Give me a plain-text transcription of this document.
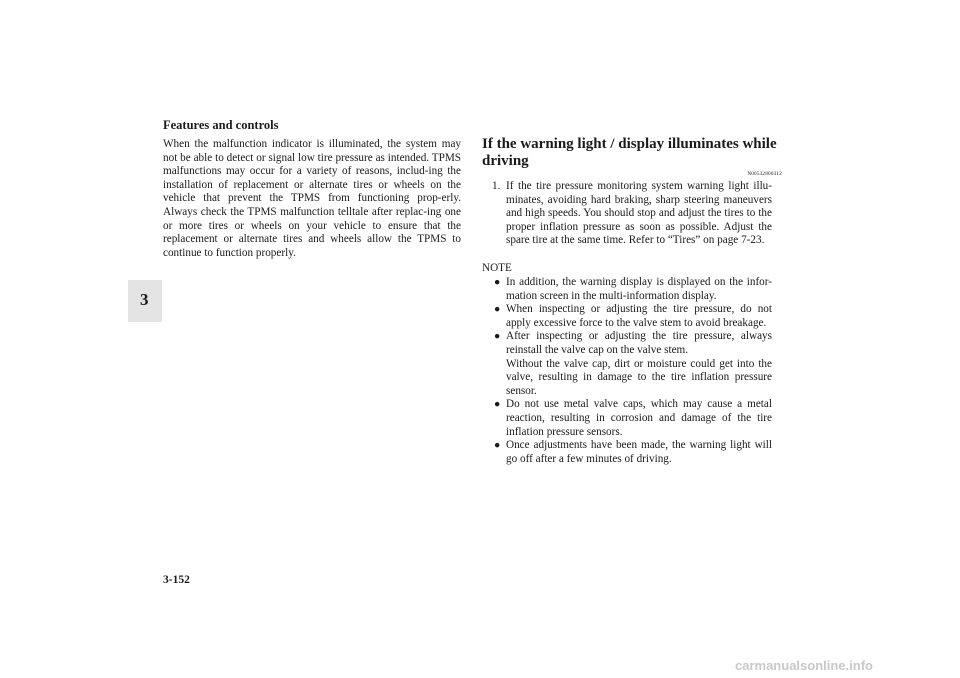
Features and controls
3

When the malfunction indicator is illuminated, the system may not be able to detect or signal low tire pressure as intended. TPMS malfunctions may occur for a variety of reasons, includ-ing the installation of replacement or alternate tires or wheels on the vehicle that prevent the TPMS from functioning prop-erly. Always check the TPMS malfunction telltale after replac-ing one or more tires or wheels on your vehicle to ensure that the replacement or alternate tires and wheels allow the TPMS to continue to function properly.

If the warning light / display illuminates while driving
N00532800312
1. If the tire pressure monitoring system warning light illu-minates, avoiding hard braking, sharp steering maneuvers and high speeds. You should stop and adjust the tires to the proper inflation pressure as soon as possible. Adjust the spare tire at the same time. Refer to “Tires” on page 7-23.
NOTE
● In addition, the warning display is displayed on the infor-mation screen in the multi-information display.
● When inspecting or adjusting the tire pressure, do not apply excessive force to the valve stem to avoid breakage.
● After inspecting or adjusting the tire pressure, always reinstall the valve cap on the valve stem.
Without the valve cap, dirt or moisture could get into the valve, resulting in damage to the tire inflation pressure sensor.
● Do not use metal valve caps, which may cause a metal reaction, resulting in corrosion and damage of the tire inflation pressure sensors.
● Once adjustments have been made, the warning light will go off after a few minutes of driving.
3-152
carmanualsonline.info
